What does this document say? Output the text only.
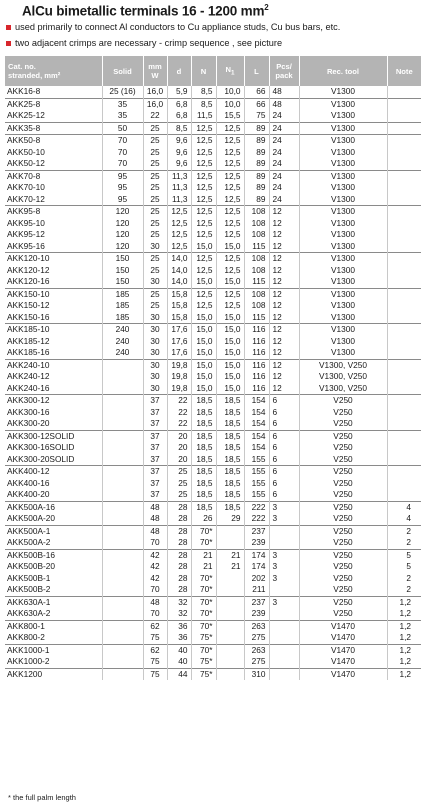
AlCu bimetallic terminals 16 - 1200 $mm^2$
used primarily to connect Al conductors to Cu appliance studs, Cu bus bars, etc.
two adjacent crimps are necessary - crimp sequence , see picture
Cat. no.
stranded, mm²	Solid	mm
W	d	N	$N_1$	L	Pcs/
pack	Rec. tool	Note
AKK16-8	25 (16)	16,0	5,9	8,5	10,0	66	48	V1300	
AKK25-8	35	16,0	6,8	8,5	10,0	66	48	V1300	
AKK25-12	35	22	6,8	11,5	15,5	75	24	V1300	
AKK35-8	50	25	8,5	12,5	12,5	89	24	V1300	
AKK50-8	70	25	9,6	12,5	12,5	89	24	V1300	
AKK50-10	70	25	9,6	12,5	12,5	89	24	V1300	
AKK50-12	70	25	9,6	12,5	12,5	89	24	V1300	
AKK70-8	95	25	11,3	12,5	12,5	89	24	V1300	
AKK70-10	95	25	11,3	12,5	12,5	89	24	V1300	
AKK70-12	95	25	11,3	12,5	12,5	89	24	V1300	
AKK95-8	120	25	12,5	12,5	12,5	108	12	V1300	
AKK95-10	120	25	12,5	12,5	12,5	108	12	V1300	
AKK95-12	120	25	12,5	12,5	12,5	108	12	V1300	
AKK95-16	120	30	12,5	15,0	15,0	115	12	V1300	
AKK120-10	150	25	14,0	12,5	12,5	108	12	V1300	
AKK120-12	150	25	14,0	12,5	12,5	108	12	V1300	
AKK120-16	150	30	14,0	15,0	15,0	115	12	V1300	
AKK150-10	185	25	15,8	12,5	12,5	108	12	V1300	
AKK150-12	185	25	15,8	12,5	12,5	108	12	V1300	
AKK150-16	185	30	15,8	15,0	15,0	115	12	V1300	
AKK185-10	240	30	17,6	15,0	15,0	116	12	V1300	
AKK185-12	240	30	17,6	15,0	15,0	116	12	V1300	
AKK185-16	240	30	17,6	15,0	15,0	116	12	V1300	
AKK240-10		30	19,8	15,0	15,0	116	12	V1300, V250	
AKK240-12		30	19,8	15,0	15,0	116	12	V1300, V250	
AKK240-16		30	19,8	15,0	15,0	116	12	V1300, V250	
AKK300-12		37	22	18,5	18,5	154	6	V250	
AKK300-16		37	22	18,5	18,5	154	6	V250	
AKK300-20		37	22	18,5	18,5	154	6	V250	
AKK300-12SOLID		37	20	18,5	18,5	154	6	V250	
AKK300-16SOLID		37	20	18,5	18,5	154	6	V250	
AKK300-20SOLID		37	20	18,5	18,5	155	6	V250	
AKK400-12		37	25	18,5	18,5	155	6	V250	
AKK400-16		37	25	18,5	18,5	155	6	V250	
AKK400-20		37	25	18,5	18,5	155	6	V250	
AKK500A-16		48	28	18,5	18,5	222	3	V250	4
AKK500A-20		48	28	26	29	222	3	V250	4
AKK500A-1		48	28	70*		237		V250	2
AKK500A-2		70	28	70*		239		V250	2
AKK500B-16		42	28	21	21	174	3	V250	5
AKK500B-20		42	28	21	21	174	3	V250	5
AKK500B-1		42	28	70*		202	3	V250	2
AKK500B-2		70	28	70*		211		V250	2
AKK630A-1		48	32	70*		237	3	V250	1,2
AKK630A-2		70	32	70*		239		V250	1,2
AKK800-1		62	36	70*		263		V1470	1,2
AKK800-2		75	36	75*		275		V1470	1,2
AKK1000-1		62	40	70*		263		V1470	1,2
AKK1000-2		75	40	75*		275		V1470	1,2
AKK1200		75	44	75*		310		V1470	1,2
* the full palm length
